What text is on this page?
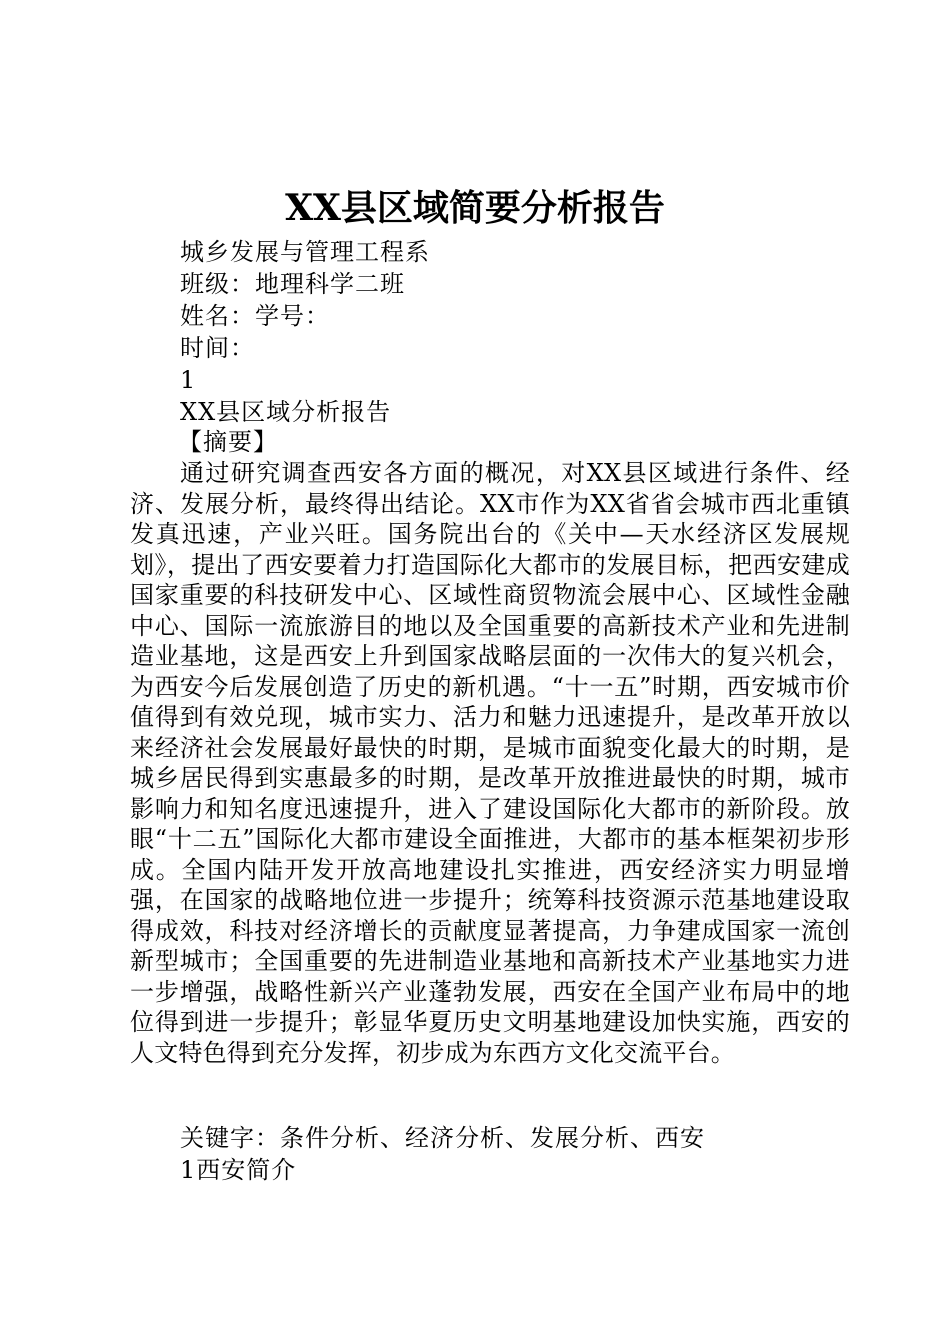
XX县区域简要分析报告
城乡发展与管理工程系
班级：地理科学二班
姓名：学号：
时间：
1
XX县区域分析报告
【摘要】

通过研究调查西安各方面的概况，对XX县区域进行条件、经济、发展分析，最终得出结论。XX市作为XX省省会城市西北重镇发真迅速，产业兴旺。国务院出台的《关中—天水经济区发展规划》，提出了西安要着力打造国际化大都市的发展目标，把西安建成国家重要的科技研发中心、区域性商贸物流会展中心、区域性金融中心、国际一流旅游目的地以及全国重要的高新技术产业和先进制造业基地，这是西安上升到国家战略层面的一次伟大的复兴机会，为西安今后发展创造了历史的新机遇。“十一五”时期，西安城市价值得到有效兑现，城市实力、活力和魅力迅速提升，是改革开放以来经济社会发展最好最快的时期，是城市面貌变化最大的时期，是城乡居民得到实惠最多的时期，是改革开放推进最快的时期，城市影响力和知名度迅速提升，进入了建设国际化大都市的新阶段。放眼“十二五”国际化大都市建设全面推进，大都市的基本框架初步形成。全国内陆开发开放高地建设扎实推进，西安经济实力明显增强，在国家的战略地位进一步提升；统筹科技资源示范基地建设取得成效，科技对经济增长的贡献度显著提高，力争建成国家一流创新型城市；全国重要的先进制造业基地和高新技术产业基地实力进一步增强，战略性新兴产业蓬勃发展，西安在全国产业布局中的地位得到进一步提升；彰显华夏历史文明基地建设加快实施，西安的人文特色得到充分发挥，初步成为东西方文化交流平台。

关键字：条件分析、经济分析、发展分析、西安
1西安简介
